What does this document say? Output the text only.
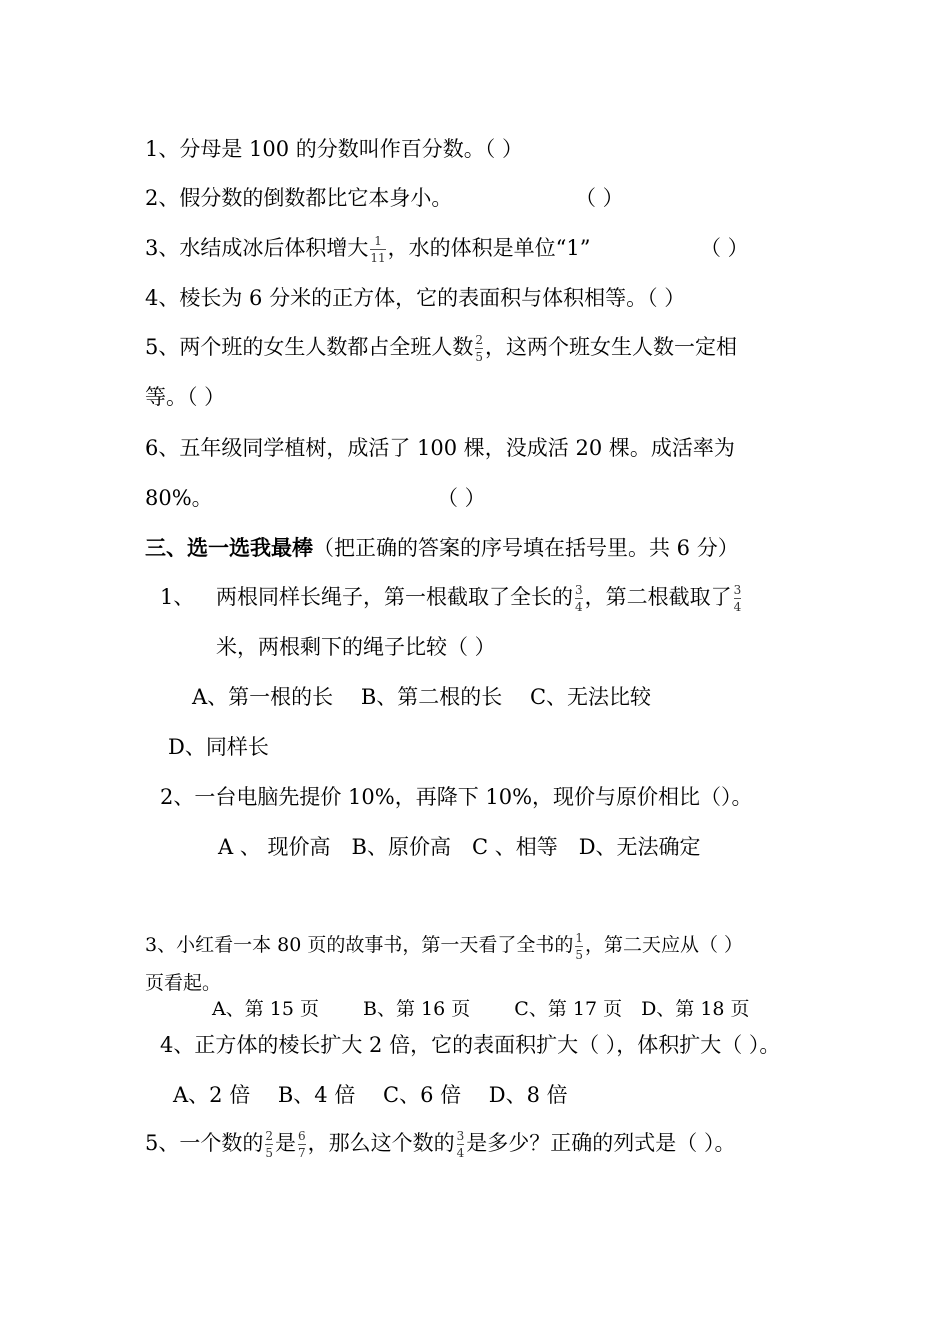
1、分母是 100 的分数叫作百分数。（ ）
2、假分数的倒数都比它本身小。	（ ）
3、水结成冰后体积增大 $\frac{1}{11}$ ，水的体积是单位“1”	（ ）
4、棱长为 6 分米的正方体，它的表面积与体积相等。（ ）
5、两个班的女生人数都占全班人数 $\frac{2}{5}$ ，这两个班女生人数一定相
等。（ ）
6、五年级同学植树，成活了 100 棵，没成活 20 棵。成活率为
80%。	（ ）
三、选一选我最棒（把正确的答案的序号填在括号里。共 6 分）
1、 两根同样长绳子，第一根截取了全长的 $\frac{3}{4}$ ，第二根截取了 $\frac{3}{4}$
米，两根剩下的绳子比较（ ）
A、第一根的长　 B、第二根的长　 C、无法比较
D、同样长
2、一台电脑先提价 10%，再降下 10%，现价与原价相比（）。
A 、 现价高　B、原价高　C 、相等　D、无法确定
3、小红看一本 80 页的故事书，第一天看了全书的 $\frac{1}{5}$ ，第二天应从（ ）
页看起。
A、第 15 页　　 B、第 16 页　　 C、第 17 页　D、第 18 页
4、正方体的棱长扩大 2 倍，它的表面积扩大（ ），体积扩大（ ）。
A、2 倍　 B、4 倍　 C、6 倍　 D、8 倍
5、一个数的 $\frac{2}{5}$ 是 $\frac{6}{7}$ ，那么这个数的 $\frac{3}{4}$ 是多少？正确的列式是（ ）。
